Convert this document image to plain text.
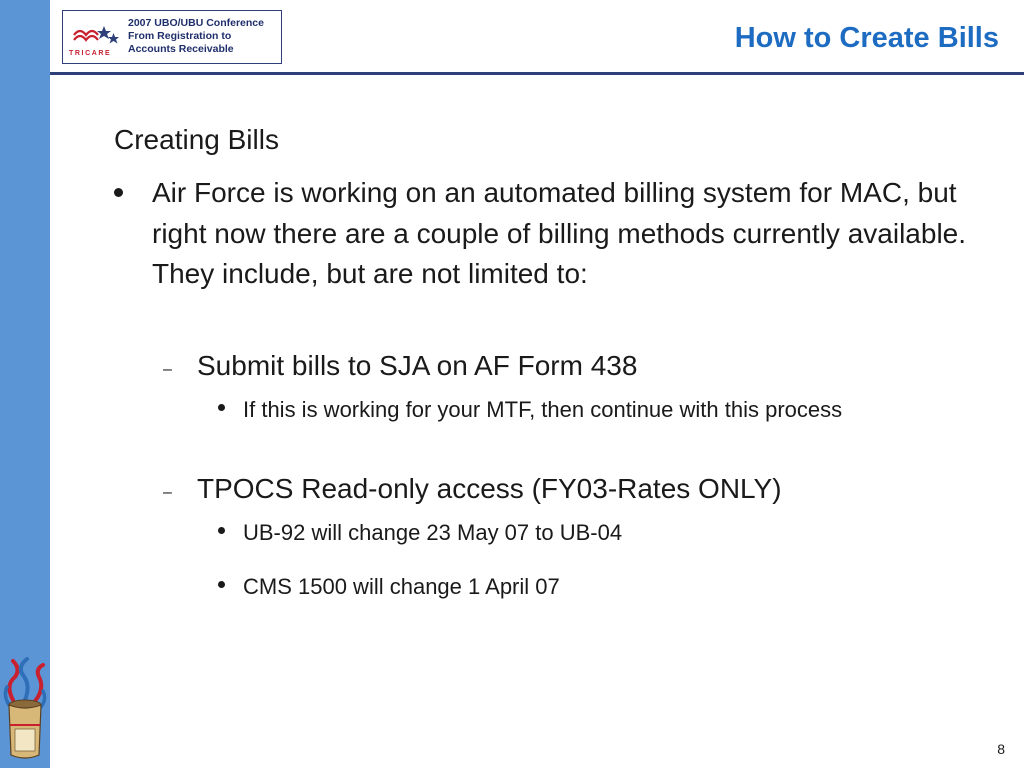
TRICARE
2007 UBO/UBU Conference
From Registration to
Accounts Receivable	How to Create Bills
Creating Bills
Air Force is working on an automated billing system for MAC, but right now there are a couple of billing methods currently available. They include, but are not limited to:
– Submit bills to SJA on AF Form 438
If this is working for your MTF, then continue with this process
– TPOCS Read-only access (FY03-Rates ONLY)
UB-92 will change 23 May 07 to UB-04
CMS 1500 will change 1 April 07
8
